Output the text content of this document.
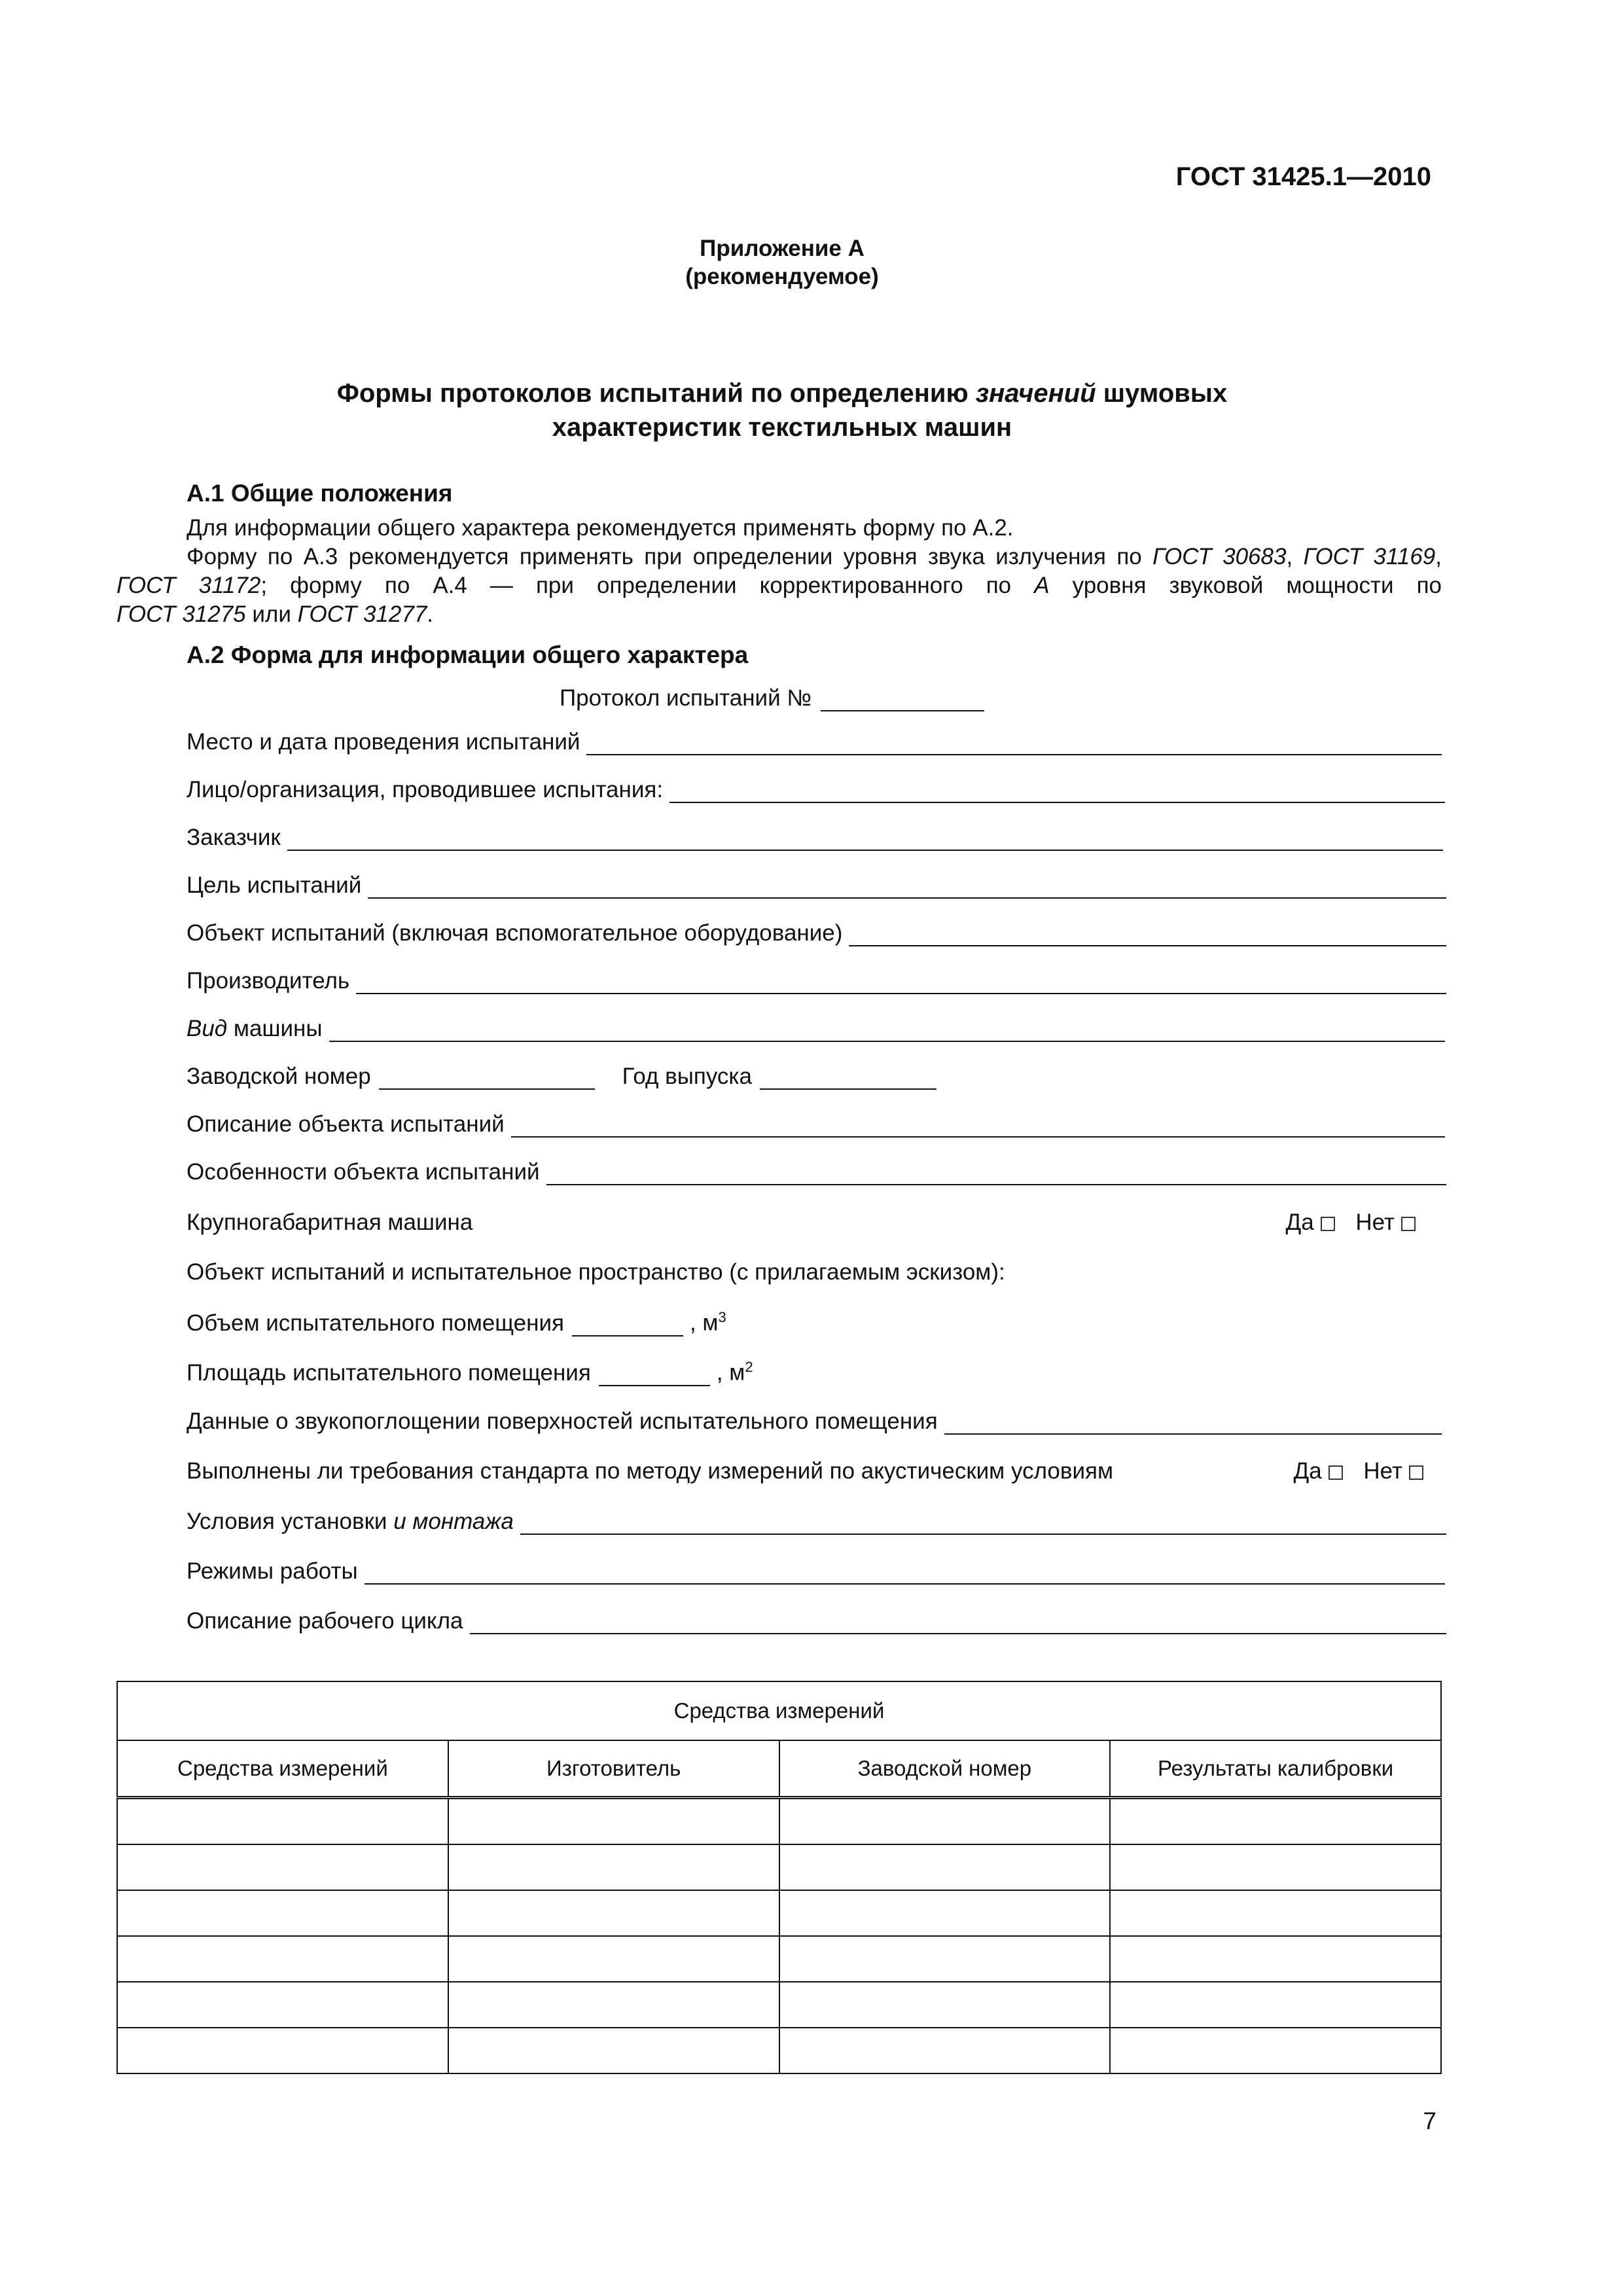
ГОСТ 31425.1—2010
Приложение А
(рекомендуемое)
Формы протоколов испытаний по определению значений шумовых
характеристик текстильных машин
А.1 Общие положения
Для информации общего характера рекомендуется применять форму по А.2.
Форму по А.3 рекомендуется применять при определении уровня звука излучения по ГОСТ 30683, ГОСТ 31169, ГОСТ 31172; форму по А.4 — при определении корректированного по А уровня звуковой мощности по
ГОСТ 31275 или ГОСТ 31277.
А.2 Форма для информации общего характера
Протокол испытаний №
Место и дата проведения испытаний
Лицо/организация, проводившее испытания:
Заказчик
Цель испытаний
Объект испытаний (включая вспомогательное оборудование)
Производитель
Вид машины
Заводской номер	Год выпуска
Описание объекта испытаний
Особенности объекта испытаний
Крупногабаритная машина	Да Нет
Объект испытаний и испытательное пространство (с прилагаемым эскизом):
Объем испытательного помещения	, $м^3$
Площадь испытательного помещения	, $м^2$
Данные о звукопоглощении поверхностей испытательного помещения
Выполнены ли требования стандарта по методу измерений по акустическим условиям	Да Нет
Условия установки и монтажа
Режимы работы
Описание рабочего цикла
Средства измерений			
Средства измерений	Изготовитель	Заводской номер	Результаты калибровки

7
